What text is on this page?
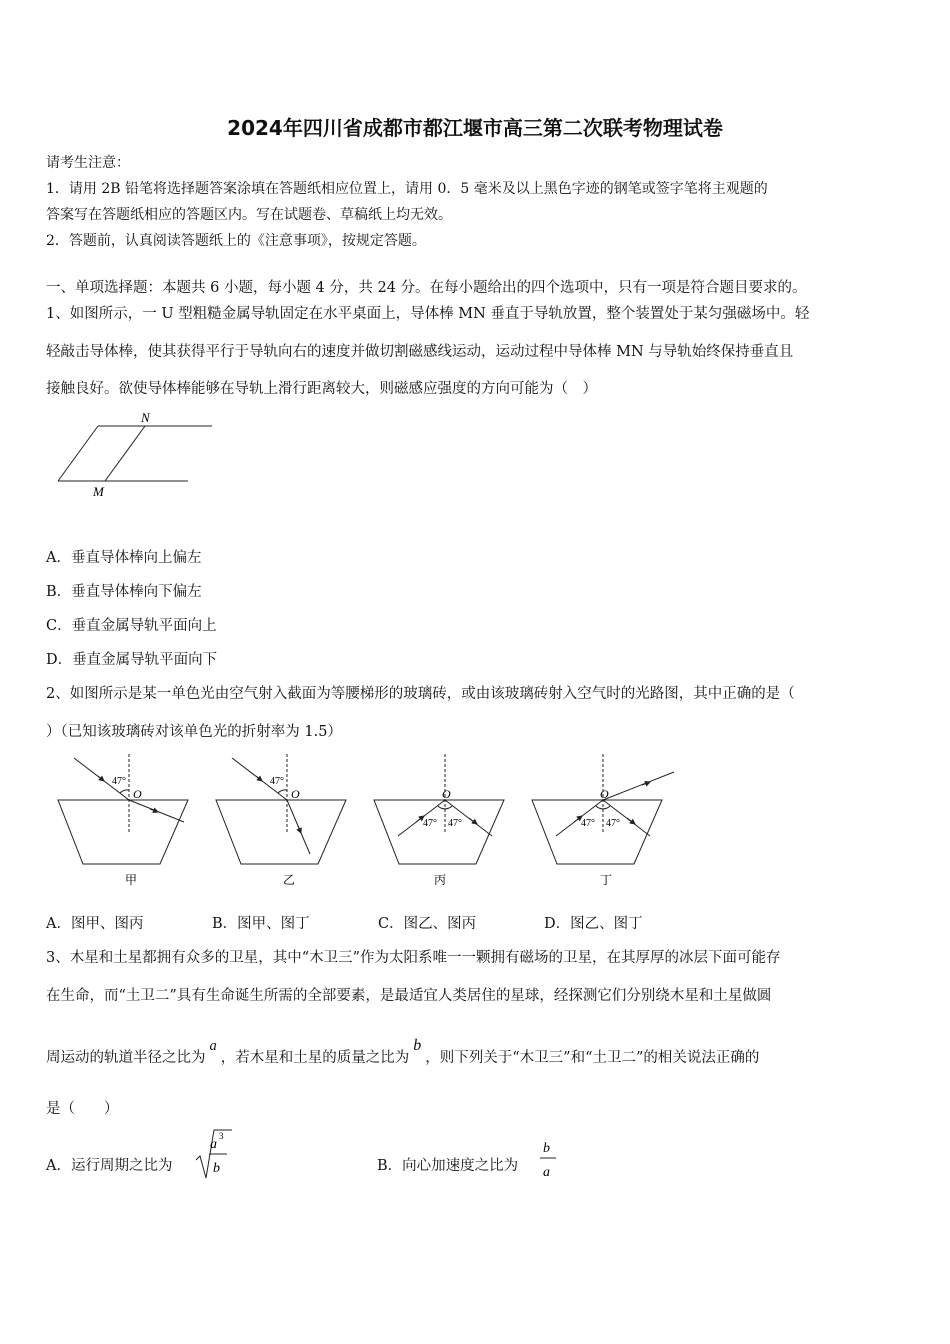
2024年四川省成都市都江堰市高三第二次联考物理试卷
请考生注意：
1．请用 2B 铅笔将选择题答案涂填在答题纸相应位置上，请用 0．5 毫米及以上黑色字迹的钢笔或签字笔将主观题的
答案写在答题纸相应的答题区内。写在试题卷、草稿纸上均无效。
2．答题前，认真阅读答题纸上的《注意事项》，按规定答题。
一、单项选择题：本题共 6 小题，每小题 4 分，共 24 分。在每小题给出的四个选项中，只有一项是符合题目要求的。
1、如图所示，一 U 型粗糙金属导轨固定在水平桌面上，导体棒 MN 垂直于导轨放置，整个装置处于某匀强磁场中。轻
轻敲击导体棒，使其获得平行于导轨向右的速度并做切割磁感线运动，运动过程中导体棒 MN 与导轨始终保持垂直且
接触良好。欲使导体棒能够在导轨上滑行距离较大，则磁感应强度的方向可能为（　）
N
M
A．垂直导体棒向上偏左
B．垂直导体棒向下偏左
C．垂直金属导轨平面向上
D．垂直金属导轨平面向下
2、如图所示是某一单色光由空气射入截面为等腰梯形的玻璃砖，或由该玻璃砖射入空气时的光路图，其中正确的是（
）（已知该玻璃砖对该单色光的折射率为 1.5）
47°
O
甲
47°
O
乙
47° 47°
O
丙
47° 47°
O
丁
A．图甲、图丙	B．图甲、图丁	C．图乙、图丙	D．图乙、图丁
3、木星和土星都拥有众多的卫星，其中“木卫三”作为太阳系唯一一颗拥有磁场的卫星，在其厚厚的冰层下面可能存
在生命，而“土卫二”具有生命诞生所需的全部要素，是最适宜人类居住的星球，经探测它们分别绕木星和土星做圆
周运动的轨道半径之比为a，若木星和土星的质量之比为b，则下列关于“木卫三”和“土卫二”的相关说法正确的
是（　　）
A．运行周期之比为
a
3
b	B．向心加速度之比为
b
a
